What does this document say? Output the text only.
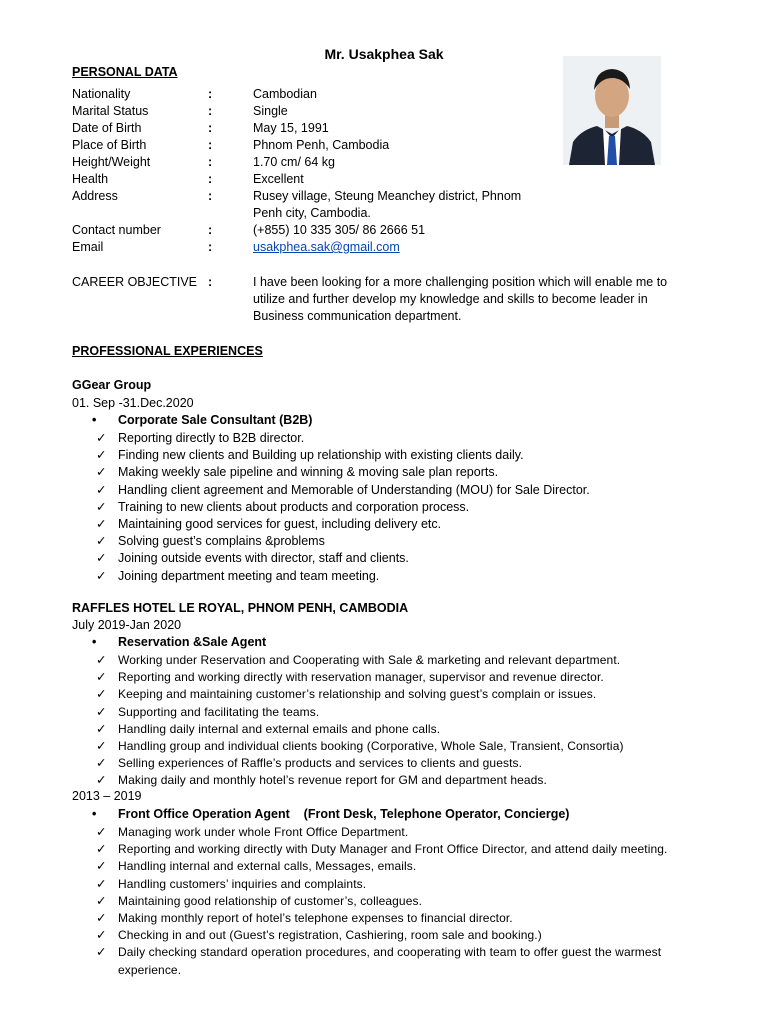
Mr. Usakphea Sak
PERSONAL DATA
Nationality	:	Cambodian
Marital Status	:	Single
Date of Birth	:	May 15, 1991
Place of Birth	:	Phnom Penh, Cambodia
Height/Weight	:	1.70 cm/ 64 kg
Health	:	Excellent
Address	:	Rusey village, Steung Meanchey district, Phnom
Penh city, Cambodia.
Contact number	:	(+855) 10 335 305/ 86 2666 51
Email	:	usakphea.sak@gmail.com
CAREER OBJECTIVE :	I have been looking for a more challenging position which will enable me to
utilize and further develop my knowledge and skills to become leader in
Business communication department.
PROFESSIONAL EXPERIENCES
GGear Group
01. Sep -31.Dec.2020
• Corporate Sale Consultant (B2B)
✓ Reporting directly to B2B director.
✓ Finding new clients and Building up relationship with existing clients daily.
✓ Making weekly sale pipeline and winning & moving sale plan reports.
✓ Handling client agreement and Memorable of Understanding (MOU) for Sale Director.
✓ Training to new clients about products and corporation process.
✓ Maintaining good services for guest, including delivery etc.
✓ Solving guest’s complains &problems
✓ Joining outside events with director, staff and clients.
✓ Joining department meeting and team meeting.
RAFFLES HOTEL LE ROYAL, PHNOM PENH, CAMBODIA
July 2019-Jan 2020
• Reservation &Sale Agent
✓ Working under Reservation and Cooperating with Sale & marketing and relevant department.
✓ Reporting and working directly with reservation manager, supervisor and revenue director.
✓ Keeping and maintaining customer’s relationship and solving guest’s complain or issues.
✓ Supporting and facilitating the teams.
✓ Handling daily internal and external emails and phone calls.
✓ Handling group and individual clients booking (Corporative, Whole Sale, Transient, Consortia)
✓ Selling experiences of Raffle’s products and services to clients and guests.
✓ Making daily and monthly hotel’s revenue report for GM and department heads.
2013 – 2019
• Front Office Operation Agent (Front Desk, Telephone Operator, Concierge)
✓ Managing work under whole Front Office Department.
✓ Reporting and working directly with Duty Manager and Front Office Director, and attend daily meeting.
✓ Handling internal and external calls, Messages, emails.
✓ Handling customers’ inquiries and complaints.
✓ Maintaining good relationship of customer’s, colleagues.
✓ Making monthly report of hotel’s telephone expenses to financial director.
✓ Checking in and out (Guest’s registration, Cashiering, room sale and booking.)
✓ Daily checking standard operation procedures, and cooperating with team to offer guest the warmest experience.
